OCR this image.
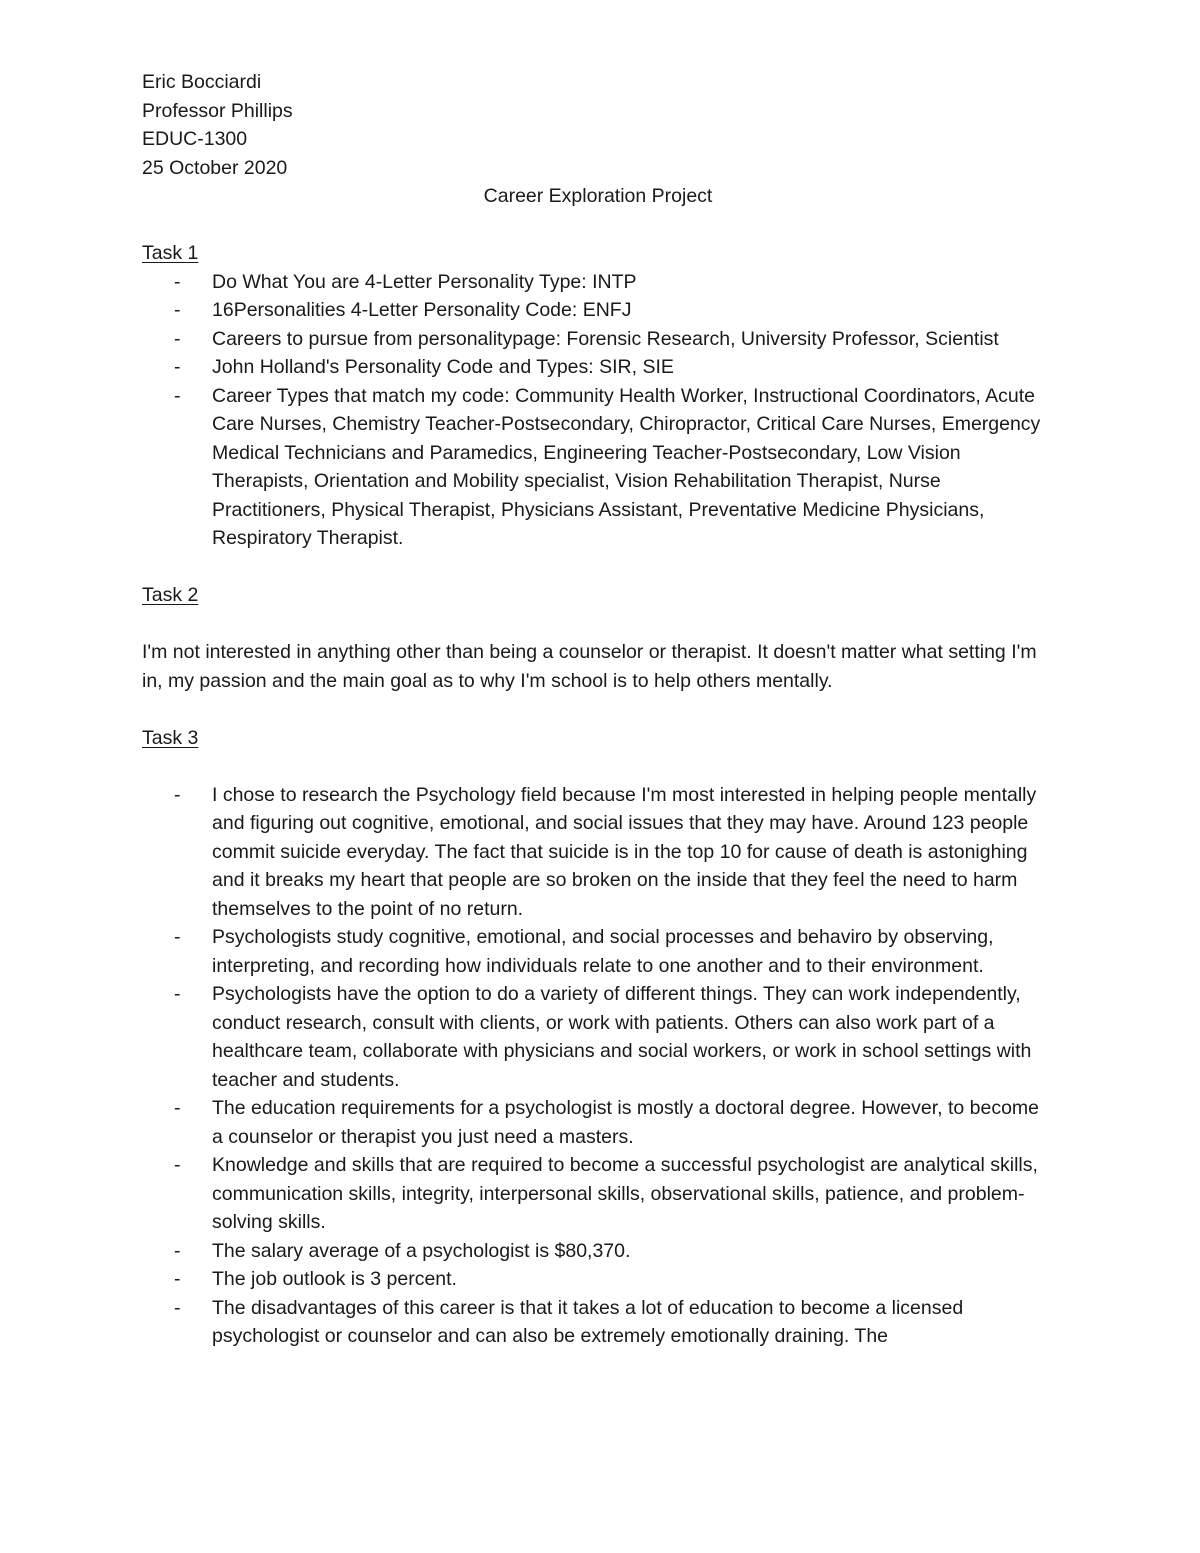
Eric Bocciardi
Professor Phillips
EDUC-1300
25 October 2020
Career Exploration Project
Task 1
- Do What You are 4-Letter Personality Type: INTP
- 16Personalities 4-Letter Personality Code: ENFJ
- Careers to pursue from personalitypage: Forensic Research, University Professor, Scientist
- John Holland's Personality Code and Types: SIR, SIE
- Career Types that match my code: Community Health Worker, Instructional Coordinators, Acute Care Nurses, Chemistry Teacher-Postsecondary, Chiropractor, Critical Care Nurses, Emergency Medical Technicians and Paramedics, Engineering Teacher-Postsecondary, Low Vision Therapists, Orientation and Mobility specialist, Vision Rehabilitation Therapist, Nurse Practitioners, Physical Therapist, Physicians Assistant, Preventative Medicine Physicians, Respiratory Therapist.
Task 2

I'm not interested in anything other than being a counselor or therapist. It doesn't matter what setting I'm in, my passion and the main goal as to why I'm school is to help others mentally.

Task 3
- I chose to research the Psychology field because I'm most interested in helping people mentally and figuring out cognitive, emotional, and social issues that they may have. Around 123 people commit suicide everyday. The fact that suicide is in the top 10 for cause of death is astonighing and it breaks my heart that people are so broken on the inside that they feel the need to harm themselves to the point of no return.
- Psychologists study cognitive, emotional, and social processes and behaviro by observing, interpreting, and recording how individuals relate to one another and to their environment.
- Psychologists have the option to do a variety of different things. They can work independently, conduct research, consult with clients, or work with patients. Others can also work part of a healthcare team, collaborate with physicians and social workers, or work in school settings with teacher and students.
- The education requirements for a psychologist is mostly a doctoral degree. However, to become a counselor or therapist you just need a masters.
- Knowledge and skills that are required to become a successful psychologist are analytical skills, communication skills, integrity, interpersonal skills, observational skills, patience, and problem-solving skills.
- The salary average of a psychologist is $80,370.
- The job outlook is 3 percent.
- The disadvantages of this career is that it takes a lot of education to become a licensed psychologist or counselor and can also be extremely emotionally draining. The
